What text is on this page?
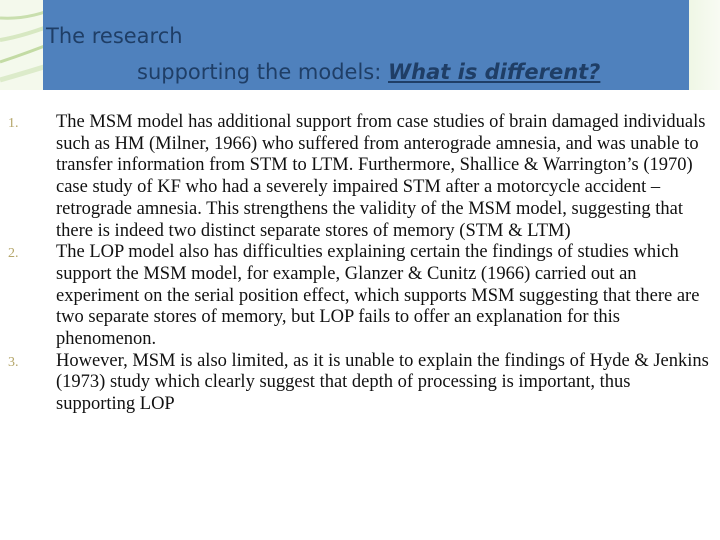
The research
supporting the models: What is different?
1. The MSM model has additional support from case studies of brain damaged individuals such as HM (Milner, 1966) who suffered from anterograde amnesia, and was unable to transfer information from STM to LTM. Furthermore, Shallice & Warrington’s (1970) case study of KF who had a severely impaired STM after a motorcycle accident – retrograde amnesia. This strengthens the validity of the MSM model, suggesting that there is indeed two distinct separate stores of memory (STM & LTM)
2. The LOP model also has difficulties explaining certain the findings of studies which support the MSM model, for example, Glanzer & Cunitz (1966) carried out an experiment on the serial position effect, which supports MSM suggesting that there are two separate stores of memory, but LOP fails to offer an explanation for this phenomenon.
3. However, MSM is also limited, as it is unable to explain the findings of Hyde & Jenkins (1973) study which clearly suggest that depth of processing is important, thus supporting LOP
